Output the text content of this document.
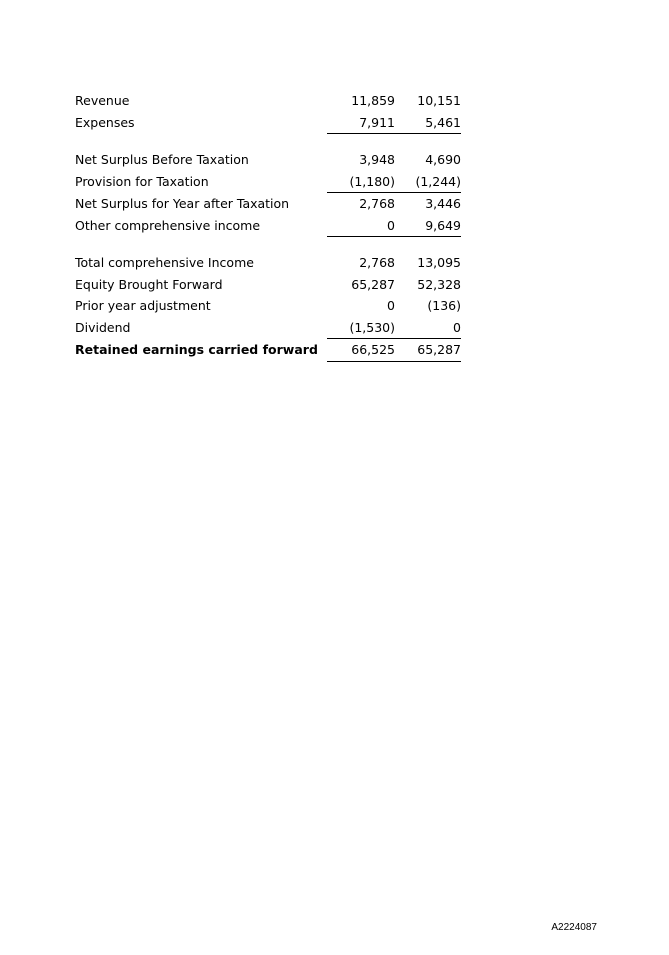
Revenue	11,859	10,151
Expenses	7,911	5,461

Net Surplus Before Taxation	3,948	4,690
Provision for Taxation	(1,180)	(1,244)
Net Surplus for Year after Taxation	2,768	3,446
Other comprehensive income	0	9,649

Total comprehensive Income	2,768	13,095
Equity Brought Forward	65,287	52,328
Prior year adjustment	0	(136)
Dividend	(1,530)	0
Retained earnings carried forward	66,525	65,287
A2224087
